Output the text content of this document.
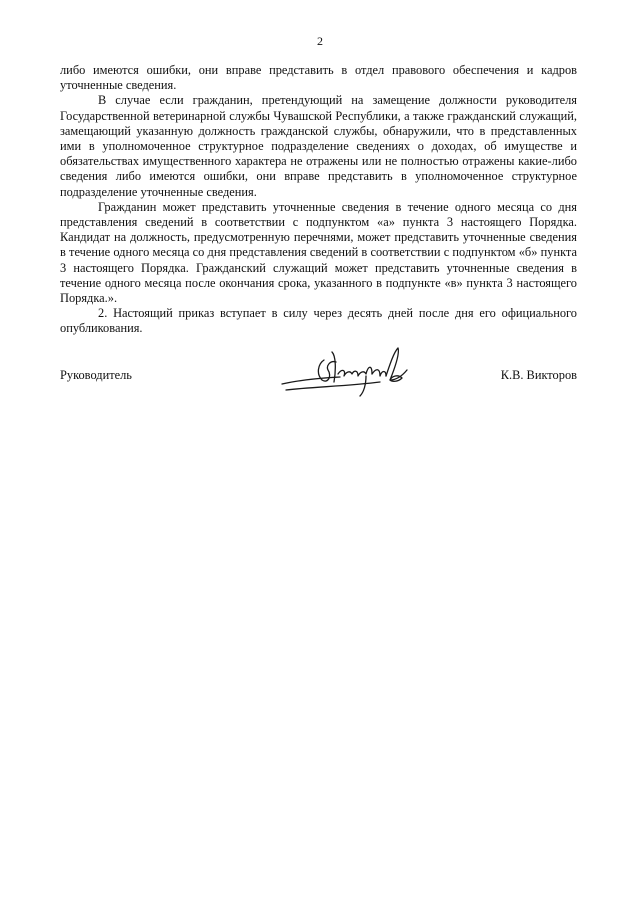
2

либо имеются ошибки, они вправе представить в отдел правового обеспечения и кадров уточненные сведения.

В случае если гражданин, претендующий на замещение должности руководителя Государственной ветеринарной службы Чувашской Республики, а также гражданский служащий, замещающий указанную должность гражданской службы, обнаружили, что в представленных ими в уполномоченное структурное подразделение сведениях о доходах, об имуществе и обязательствах имущественного характера не отражены или не полностью отражены какие-либо сведения либо имеются ошибки, они вправе представить в уполномоченное структурное подразделение уточненные сведения.

Гражданин может представить уточненные сведения в течение одного месяца со дня представления сведений в соответствии с подпунктом «а» пункта 3 настоящего Порядка. Кандидат на должность, предусмотренную перечнями, может представить уточненные сведения в течение одного месяца со дня представления сведений в соответствии с подпунктом «б» пункта 3 настоящего Порядка. Гражданский служащий может представить уточненные сведения в течение одного месяца после окончания срока, указанного в подпункте «в» пункта 3 настоящего Порядка.».

2. Настоящий приказ вступает в силу через десять дней после дня его официального опубликования.

Руководитель	К.В. Викторов
